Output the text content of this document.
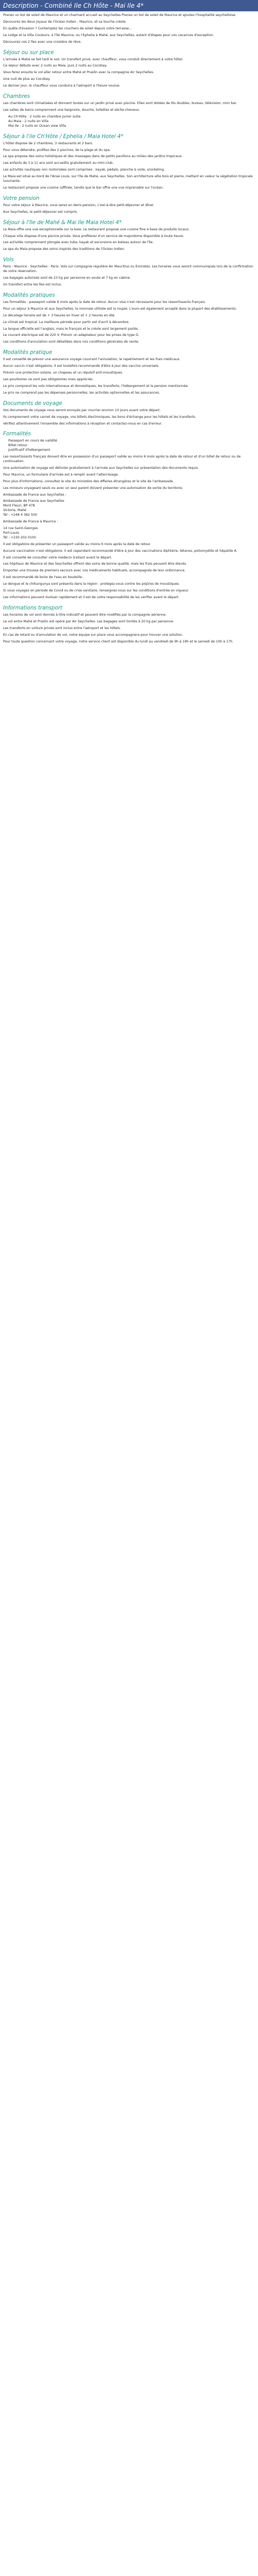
Description - Combiné Ile Ch Hôte - Mai Ile 4*

Prenez un bol de soleil de Maurice et un charmant accueil au Seychelles Prenez un bol de soleil de Maurice et ajoutez l'hospitalité seychelloise.

Découvrez les deux joyaux de l'Océan Indien : Maurice, et sa touche créole.

En quête d'évasion ? Contemplez les couchers de soleil depuis votre terrasse...

Le Lodge et la Villa Couleurs, à l'île Maurice, ou l'Ephelia à Mahé, aux Seychelles, autant d'étapes pour vos vacances d'exception.

Découvrez ces 2 îles avec une croisière de rêve.

Séjour ou sur place

L'arrivée à Mahé se fait tard le soir. Un transfert privé, avec chauffeur, vous conduit directement à votre hôtel.

Ce séjour débute avec 2 nuits au Maia, puis 2 nuits au Cocobay.

Vous ferez ensuite le vol aller retour entre Mahé et Praslin avec la compagnie Air Seychelles.

Une nuit de plus au Cocobay.

Le dernier jour, le chauffeur vous conduira à l'aéroport à l'heure voulue.

Chambres

Les chambres sont climatisées et donnent toutes sur un jardin privé avec piscine. Elles sont dotées de lits doubles, bureau, télévision, mini bar.

Les salles de bains comprennent une baignoire, douche, toilettes et sèche-cheveux.

Au Ch'Hôte : 2 nuits en chambre Junior suite
Au Maia : 2 nuits en Villa
Mai Ile : 2 nuits en Ocean view Villa
Séjour à l'ile Ch'Hôte / Ephelia / Maia Hotel 4*

L'hôtel dispose de 2 chambres, 3 restaurants et 2 bars.

Pour vous détendre, profitez des 2 piscines, de la plage et du spa.

Le spa propose des soins holistiques et des massages dans de petits pavillons au milieu des jardins tropicaux.

Les enfants de 3 à 11 ans sont accueillis gratuitement au mini-club.

Les activités nautiques non motorisées sont comprises : kayak, pédalo, planche à voile, snorkeling.

Le Maia est situé au bord de l'Anse Louis, sur l'île de Mahé, aux Seychelles. Son architecture allie bois et pierre, mettant en valeur la végétation tropicale luxuriante.

Le restaurant propose une cuisine raffinée, tandis que le bar offre une vue imprenable sur l'océan.

Votre pension

Pour votre séjour à Maurice, vous serez en demi-pension, c'est-à-dire petit-déjeuner et dîner.

Aux Seychelles, le petit-déjeuner est compris.

Séjour à l'île de Mahé & Mai Ile Maia Hotel 4*

Le Maia offre une vue exceptionnelle sur la baie. Le restaurant propose une cuisine fine à base de produits locaux.

Chaque villa dispose d'une piscine privée. Vous profiterez d'un service de majordome disponible à toute heure.

Les activités comprennent plongée avec tuba, kayak et excursions en bateau autour de l'île.

Le spa du Maia propose des soins inspirés des traditions de l'Océan Indien.

Vols

Paris - Maurice - Seychelles - Paris. Vols sur compagnie régulière Air Mauritius ou Emirates. Les horaires vous seront communiqués lors de la confirmation de votre réservation.

Les bagages autorisés sont de 23 kg par personne en soute et 7 kg en cabine.

Un transfert entre les îles est inclus.

Modalités pratiques

Les formalités : passeport valide 6 mois après la date de retour. Aucun visa n'est nécessaire pour les ressortissants français.

Pour un séjour à Maurice et aux Seychelles, la monnaie utilisée est la roupie. L'euro est également accepté dans la plupart des établissements.

Le décalage horaire est de + 3 heures en hiver et + 2 heures en été.

Le climat est tropical. La meilleure période pour partir est d'avril à décembre.

La langue officielle est l'anglais, mais le français et le créole sont largement parlés.

Le courant électrique est de 220 V. Prévoir un adaptateur pour les prises de type G.

Les conditions d'annulation sont détaillées dans nos conditions générales de vente.

Modalités pratique

Il est conseillé de prévoir une assurance voyage couvrant l'annulation, le rapatriement et les frais médicaux.

Aucun vaccin n'est obligatoire. Il est toutefois recommandé d'être à jour des vaccins universels.

Prévoir une protection solaire, un chapeau et un répulsif anti-moustiques.

Les pourboires ne sont pas obligatoires mais appréciés.

Le prix comprend les vols internationaux et domestiques, les transferts, l'hébergement et la pension mentionnée.

Le prix ne comprend pas les dépenses personnelles, les activités optionnelles et les assurances.

Documents de voyage

Vos documents de voyage vous seront envoyés par courrier environ 10 jours avant votre départ.

Ils comprennent votre carnet de voyage, vos billets électroniques, les bons d'échange pour les hôtels et les transferts.

Vérifiez attentivement l'ensemble des informations à réception et contactez-nous en cas d'erreur.

Formalités
Passeport en cours de validité
Billet retour
Justificatif d'hébergement

Les ressortissants français doivent être en possession d'un passeport valide au moins 6 mois après la date de retour et d'un billet de retour ou de continuation.

Une autorisation de voyage est délivrée gratuitement à l'arrivée aux Seychelles sur présentation des documents requis.

Pour Maurice, un formulaire d'arrivée est à remplir avant l'atterrissage.

Pour plus d'informations, consultez le site du ministère des Affaires étrangères et le site de l'ambassade.

Les mineurs voyageant seuls ou avec un seul parent doivent présenter une autorisation de sortie du territoire.

Ambassade de France aux Seychelles :

Ambassade de France aux Seychelles
Mont Fleuri, BP 478
Victoria, Mahé
Tél : +248 4 382 500

Ambassade de France à Maurice :

14 rue Saint-Georges
Port-Louis
Tél : +230 202 0100

Il est obligatoire de présenter un passeport valide au moins 6 mois après la date de retour.

Aucune vaccination n'est obligatoire. Il est cependant recommandé d'être à jour des vaccinations diphtérie, tétanos, poliomyélite et hépatite A.

Il est conseillé de consulter votre médecin traitant avant le départ.

Les hôpitaux de Maurice et des Seychelles offrent des soins de bonne qualité, mais les frais peuvent être élevés.

Emporter une trousse de premiers secours avec vos médicaments habituels, accompagnés de leur ordonnance.

Il est recommandé de boire de l'eau en bouteille.

Le dengue et le chikungunya sont présents dans la région : protégez-vous contre les piqûres de moustiques.

Si vous voyagez en période de Covid ou de crise sanitaire, renseignez-vous sur les conditions d'entrée en vigueur.

Les informations peuvent évoluer rapidement et il est de votre responsabilité de les vérifier avant le départ.

Informations transport

Les horaires de vol sont donnés à titre indicatif et peuvent être modifiés par la compagnie aérienne.

Le vol entre Mahé et Praslin est opéré par Air Seychelles. Les bagages sont limités à 20 kg par personne.

Les transferts en voiture privée sont inclus entre l'aéroport et les hôtels.

En cas de retard ou d'annulation de vol, notre équipe sur place vous accompagnera pour trouver une solution.

Pour toute question concernant votre voyage, notre service client est disponible du lundi au vendredi de 9h à 19h et le samedi de 10h à 17h.
